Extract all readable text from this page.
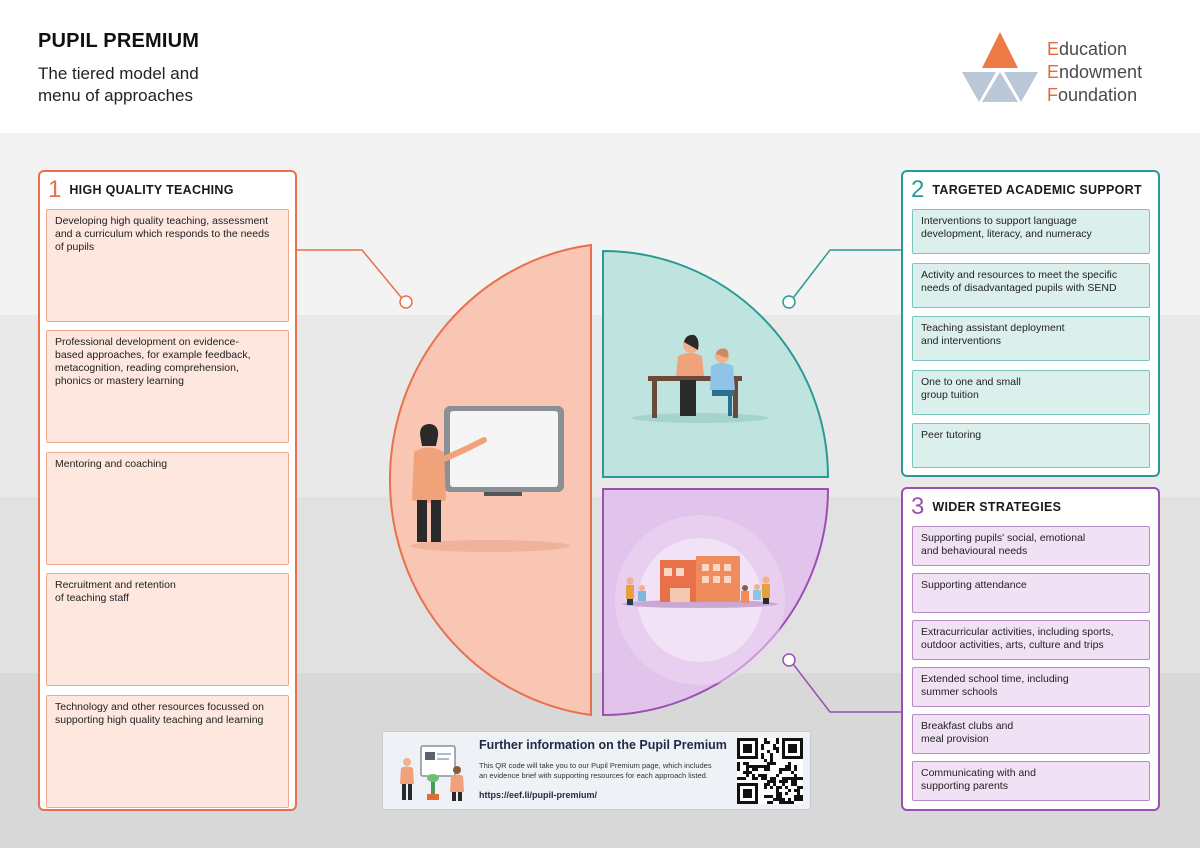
PUPIL PREMIUM
The tiered model and
menu of approaches
Education
Endowment
Foundation
1 HIGH QUALITY TEACHING
Developing high quality teaching, assessment
and a curriculum which responds to the needs
of pupils
Professional development on evidence-
based approaches, for example feedback,
metacognition, reading comprehension,
phonics or mastery learning
Mentoring and coaching
Recruitment and retention
of teaching staff
Technology and other resources focussed on
supporting high quality teaching and learning
2 TARGETED ACADEMIC SUPPORT
Interventions to support language
development, literacy, and numeracy
Activity and resources to meet the specific
needs of disadvantaged pupils with SEND
Teaching assistant deployment
and interventions
One to one and small
group tuition
Peer tutoring
3 WIDER STRATEGIES
Supporting pupils' social, emotional
and behavioural needs
Supporting attendance
Extracurricular activities, including sports,
outdoor activities, arts, culture and trips
Extended school time, including
summer schools
Breakfast clubs and
meal provision
Communicating with and
supporting parents
Further information on the Pupil Premium
This QR code will take you to our Pupil Premium page, which includes
an evidence brief with supporting resources for each approach listed.
https://eef.li/pupil-premium/
